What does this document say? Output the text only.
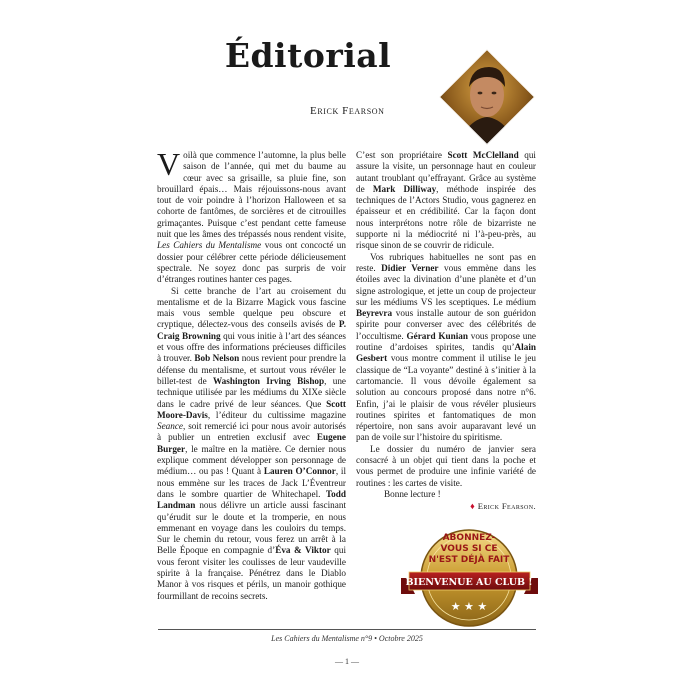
Éditorial
Erick Fearson

Voilà que commence l’automne, la plus belle saison de l’année, qui met du baume au cœur avec sa grisaille, sa pluie fine, son brouillard épais… Mais réjouissons-nous avant tout de voir poindre à l’horizon Halloween et sa cohorte de fantômes, de sorcières et de citrouilles grimaçantes. Puisque c’est pendant cette fameuse nuit que les âmes des trépassés nous rendent visite, Les Cahiers du Mentalisme vous ont concocté un dossier pour célébrer cette période délicieusement spectrale. Ne soyez donc pas surpris de voir d’étranges routines hanter ces pages.

Si cette branche de l’art au croisement du mentalisme et de la Bizarre Magick vous fascine mais vous semble quelque peu obscure et cryptique, délectez-vous des conseils avisés de P. Craig Browning qui vous initie à l’art des séances et vous offre des informations précieuses difficiles à trouver. Bob Nelson nous revient pour prendre la défense du mentalisme, et surtout vous révéler le billet-test de Washington Irving Bishop, une technique utilisée par les médiums du XIXe siècle dans le cadre privé de leur séances. Que Scott Moore-Davis, l’éditeur du cultissime magazine Seance, soit remercié ici pour nous avoir autorisés à publier un entretien exclusif avec Eugene Burger, le maître en la matière. Ce dernier nous explique comment développer son personnage de médium… ou pas ! Quant à Lauren O’Connor, il nous emmène sur les traces de Jack L’Éventreur dans le sombre quartier de Whitechapel. Todd Landman nous délivre un article aussi fascinant qu’érudit sur le doute et la tromperie, en nous emmenant en voyage dans les couloirs du temps. Sur le chemin du retour, vous ferez un arrêt à la Belle Époque en compagnie d’Éva & Viktor qui vous feront visiter les coulisses de leur vaudeville spirite à la française. Pénétrez dans le Diablo Manor à vos risques et périls, un manoir gothique fourmillant de recoins secrets.

C’est son propriétaire Scott McClelland qui assure la visite, un personnage haut en couleur autant troublant qu’effrayant. Grâce au système de Mark Dilliway, méthode inspirée des techniques de l’Actors Studio, vous gagnerez en épaisseur et en crédibilité. Car la façon dont nous interprétons notre rôle de bizarriste ne supporte ni la médiocrité ni l’à-peu-près, au risque sinon de se couvrir de ridicule.

Vos rubriques habituelles ne sont pas en reste. Didier Verner vous emmène dans les étoiles avec la divination d’une planète et d’un signe astrologique, et jette un coup de projecteur sur les médiums VS les sceptiques. Le médium Beyrevra vous installe autour de son guéridon spirite pour converser avec des célébrités de l’occultisme. Gérard Kunian vous propose une routine d’ardoises spirites, tandis qu’Alain Gesbert vous montre comment il utilise le jeu classique de “La voyante” destiné à s’initier à la cartomancie. Il vous dévoile également sa solution au concours proposé dans notre n°6. Enfin, j’ai le plaisir de vous révéler plusieurs routines spirites et fantomatiques de mon répertoire, non sans avoir auparavant levé un pan de voile sur l’histoire du spiritisme.

Le dossier du numéro de janvier sera consacré à un objet qui tient dans la poche et vous permet de produire une infinie variété de routines : les cartes de visite.

Bonne lecture !

♦ Erick Fearson.
ABONNEZ-
VOUS SI CE
N'EST DÉJÀ FAIT
BIENVENUE AU CLUB !
★ ★ ★
Les Cahiers du Mentalisme n°9 • Octobre 2025
— 1 —
